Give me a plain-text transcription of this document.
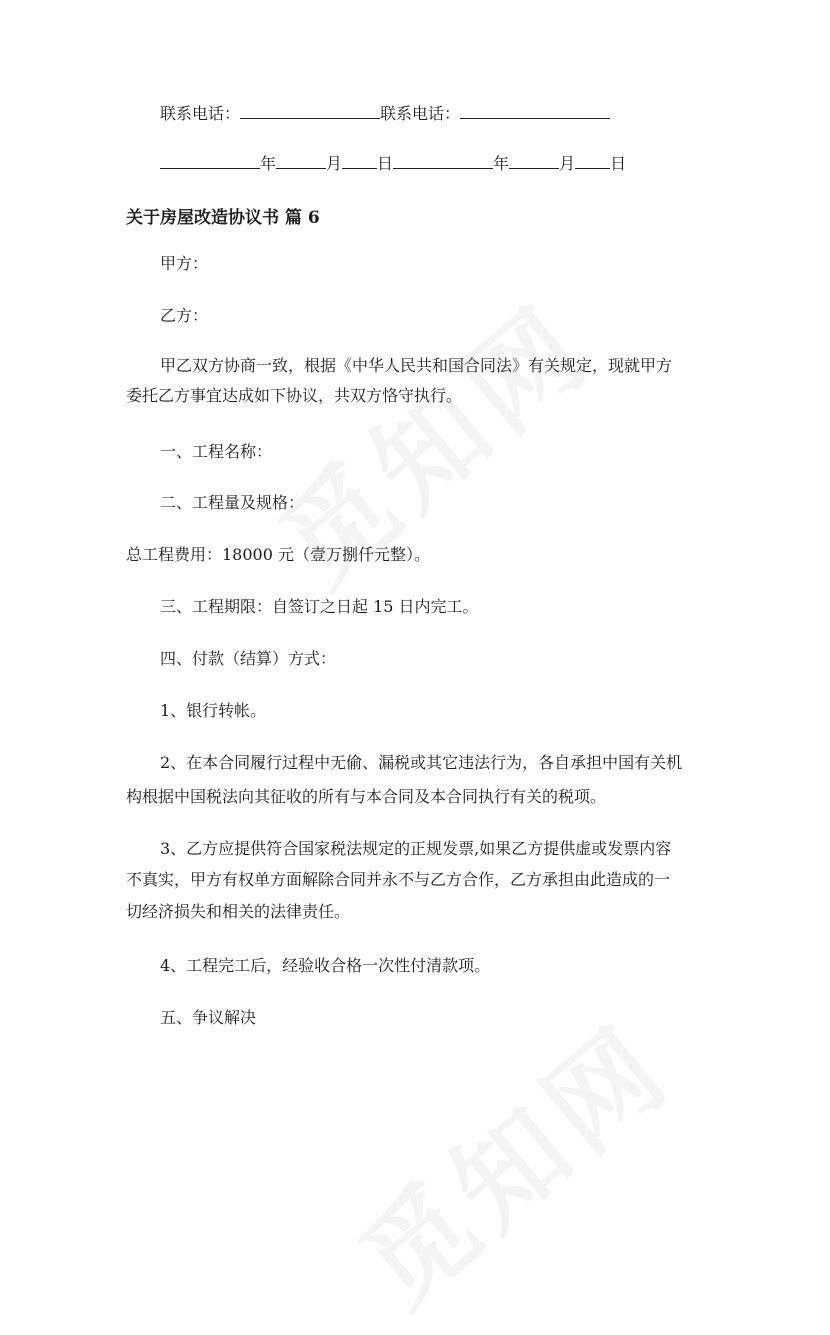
联系电话：	联系电话：
年	月 日	年	月 日
关于房屋改造协议书 篇 6
甲方：
乙方：
甲乙双方协商一致，根据《中华人民共和国合同法》有关规定，现就甲方
委托乙方事宜达成如下协议，共双方恪守执行。
一、工程名称：
二、工程量及规格：
总工程费用：18000 元（壹万捌仟元整）。
三、工程期限：自签订之日起 15 日内完工。
四、付款（结算）方式：
1、银行转帐。
2、在本合同履行过程中无偷、漏税或其它违法行为，各自承担中国有关机
构根据中国税法向其征收的所有与本合同及本合同执行有关的税项。
3、乙方应提供符合国家税法规定的正规发票,如果乙方提供虚或发票内容
不真实，甲方有权单方面解除合同并永不与乙方合作，乙方承担由此造成的一
切经济损失和相关的法律责任。
4、工程完工后，经验收合格一次性付清款项。
五、争议解决
